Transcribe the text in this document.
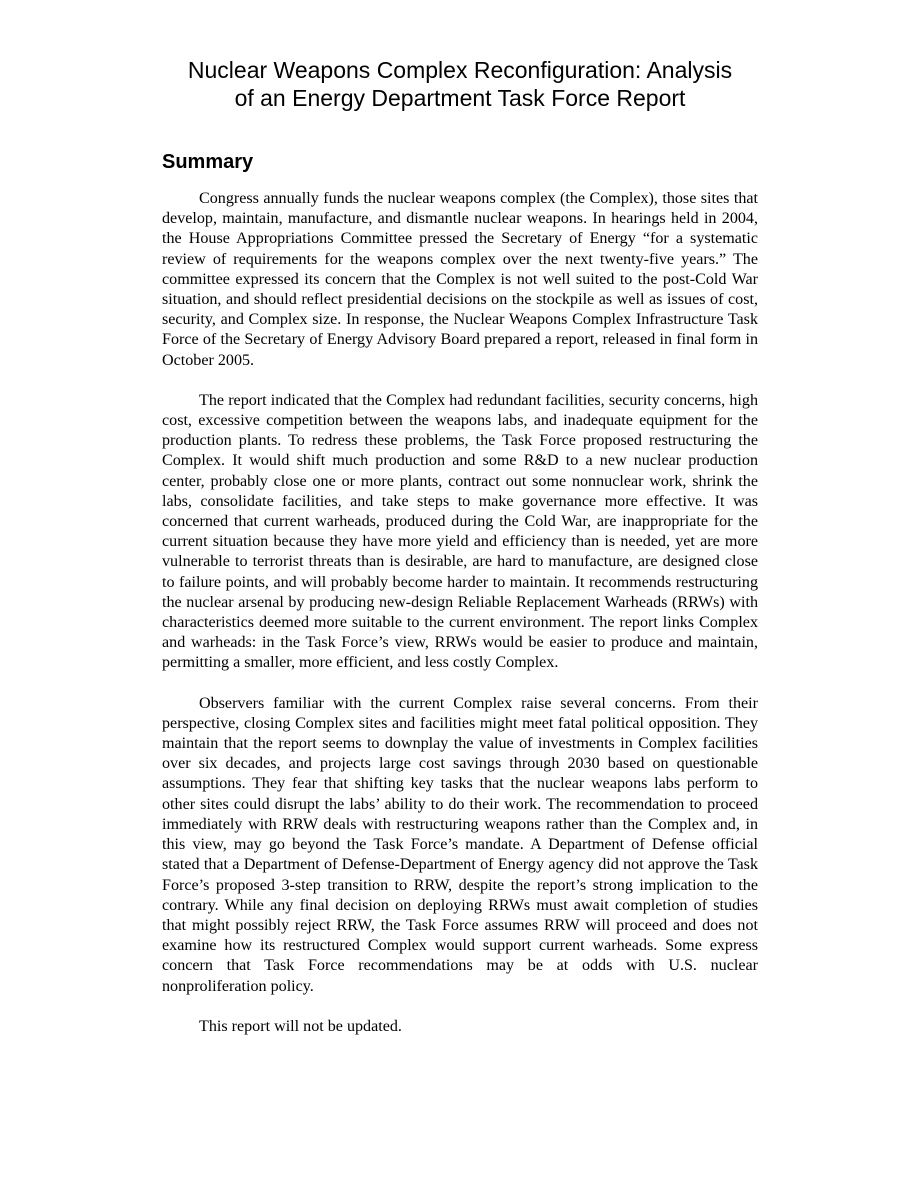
Nuclear Weapons Complex Reconfiguration: Analysis
of an Energy Department Task Force Report
Summary

Congress annually funds the nuclear weapons complex (the Complex), those sites that develop, maintain, manufacture, and dismantle nuclear weapons. In hearings held in 2004, the House Appropriations Committee pressed the Secretary of Energy “for a systematic review of requirements for the weapons complex over the next twenty-five years.” The committee expressed its concern that the Complex is not well suited to the post-Cold War situation, and should reflect presidential decisions on the stockpile as well as issues of cost, security, and Complex size. In response, the Nuclear Weapons Complex Infrastructure Task Force of the Secretary of Energy Advisory Board prepared a report, released in final form in October 2005.

The report indicated that the Complex had redundant facilities, security concerns, high cost, excessive competition between the weapons labs, and inadequate equipment for the production plants. To redress these problems, the Task Force proposed restructuring the Complex. It would shift much production and some R&D to a new nuclear production center, probably close one or more plants, contract out some nonnuclear work, shrink the labs, consolidate facilities, and take steps to make governance more effective. It was concerned that current warheads, produced during the Cold War, are inappropriate for the current situation because they have more yield and efficiency than is needed, yet are more vulnerable to terrorist threats than is desirable, are hard to manufacture, are designed close to failure points, and will probably become harder to maintain. It recommends restructuring the nuclear arsenal by producing new-design Reliable Replacement Warheads (RRWs) with characteristics deemed more suitable to the current environment. The report links Complex and warheads: in the Task Force’s view, RRWs would be easier to produce and maintain, permitting a smaller, more efficient, and less costly Complex.

Observers familiar with the current Complex raise several concerns. From their perspective, closing Complex sites and facilities might meet fatal political opposition. They maintain that the report seems to downplay the value of investments in Complex facilities over six decades, and projects large cost savings through 2030 based on questionable assumptions. They fear that shifting key tasks that the nuclear weapons labs perform to other sites could disrupt the labs’ ability to do their work. The recommendation to proceed immediately with RRW deals with restructuring weapons rather than the Complex and, in this view, may go beyond the Task Force’s mandate. A Department of Defense official stated that a Department of Defense-Department of Energy agency did not approve the Task Force’s proposed 3-step transition to RRW, despite the report’s strong implication to the contrary. While any final decision on deploying RRWs must await completion of studies that might possibly reject RRW, the Task Force assumes RRW will proceed and does not examine how its restructured Complex would support current warheads. Some express concern that Task Force recommendations may be at odds with U.S. nuclear nonproliferation policy.

This report will not be updated.
